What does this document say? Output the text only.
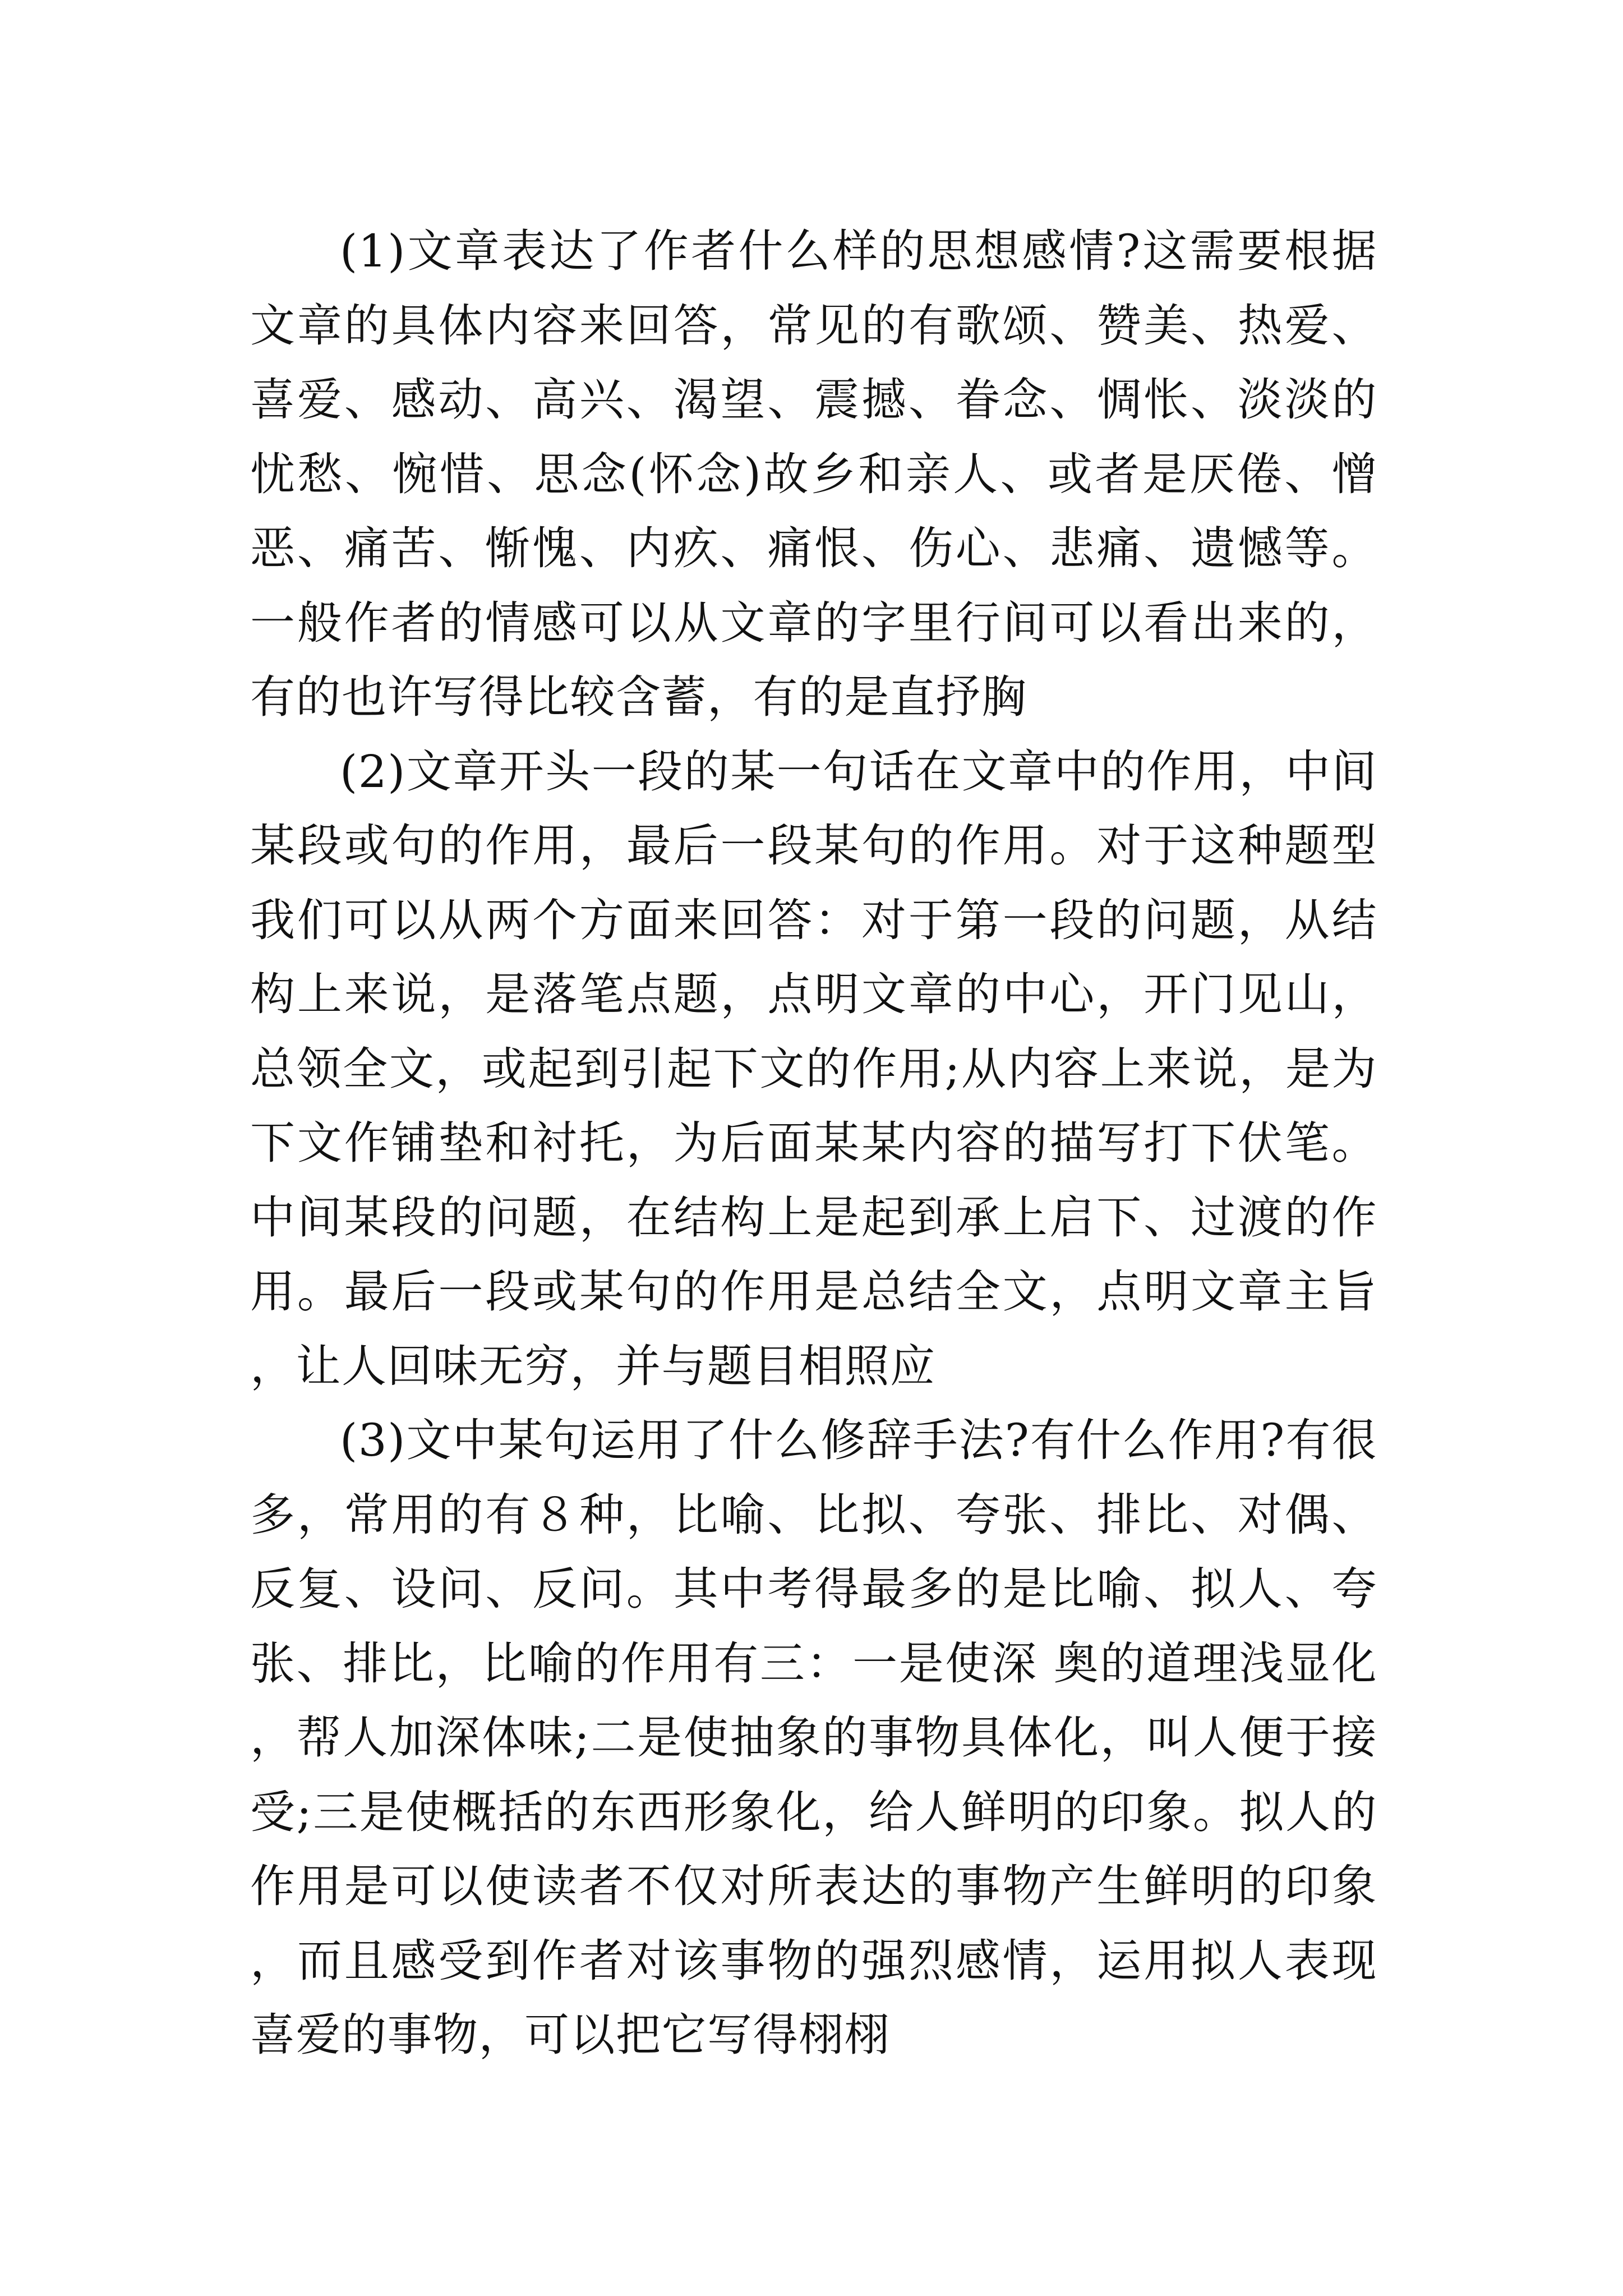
(1)文章表达了作者什么样的思想感情?这需要根据文章的具体内容来回答，常见的有歌颂、赞美、热爱、喜爱、感动、高兴、渴望、震撼、眷念、惆怅、淡淡的忧愁、惋惜、思念(怀念)故乡和亲人、或者是厌倦、憎恶、痛苦、惭愧、内疚、痛恨、伤心、悲痛、遗憾等。一般作者的情感可以从文章的字里行间可以看出来的，有的也许写得比较含蓄，有的是直抒胸

(2)文章开头一段的某一句话在文章中的作用，中间某段或句的作用，最后一段某句的作用。对于这种题型我们可以从两个方面来回答：对于第一段的问题，从结构上来说，是落笔点题，点明文章的中心，开门见山，总领全文，或起到引起下文的作用;从内容上来说，是为下文作铺垫和衬托，为后面某某内容的描写打下伏笔。中间某段的问题，在结构上是起到承上启下、过渡的作用。最后一段或某句的作用是总结全文，点明文章主旨，让人回味无穷，并与题目相照应

(3)文中某句运用了什么修辞手法?有什么作用?有很多，常用的有８种，比喻、比拟、夸张、排比、对偶、反复、设问、反问。其中考得最多的是比喻、拟人、夸张、排比，比喻的作用有三：一是使深 奥的道理浅显化，帮人加深体味;二是使抽象的事物具体化，叫人便于接受;三是使概括的东西形象化，给人鲜明的印象。拟人的作用是可以使读者不仅对所表达的事物产生鲜明的印象，而且感受到作者对该事物的强烈感情，运用拟人表现喜爱的事物，可以把它写得栩栩
